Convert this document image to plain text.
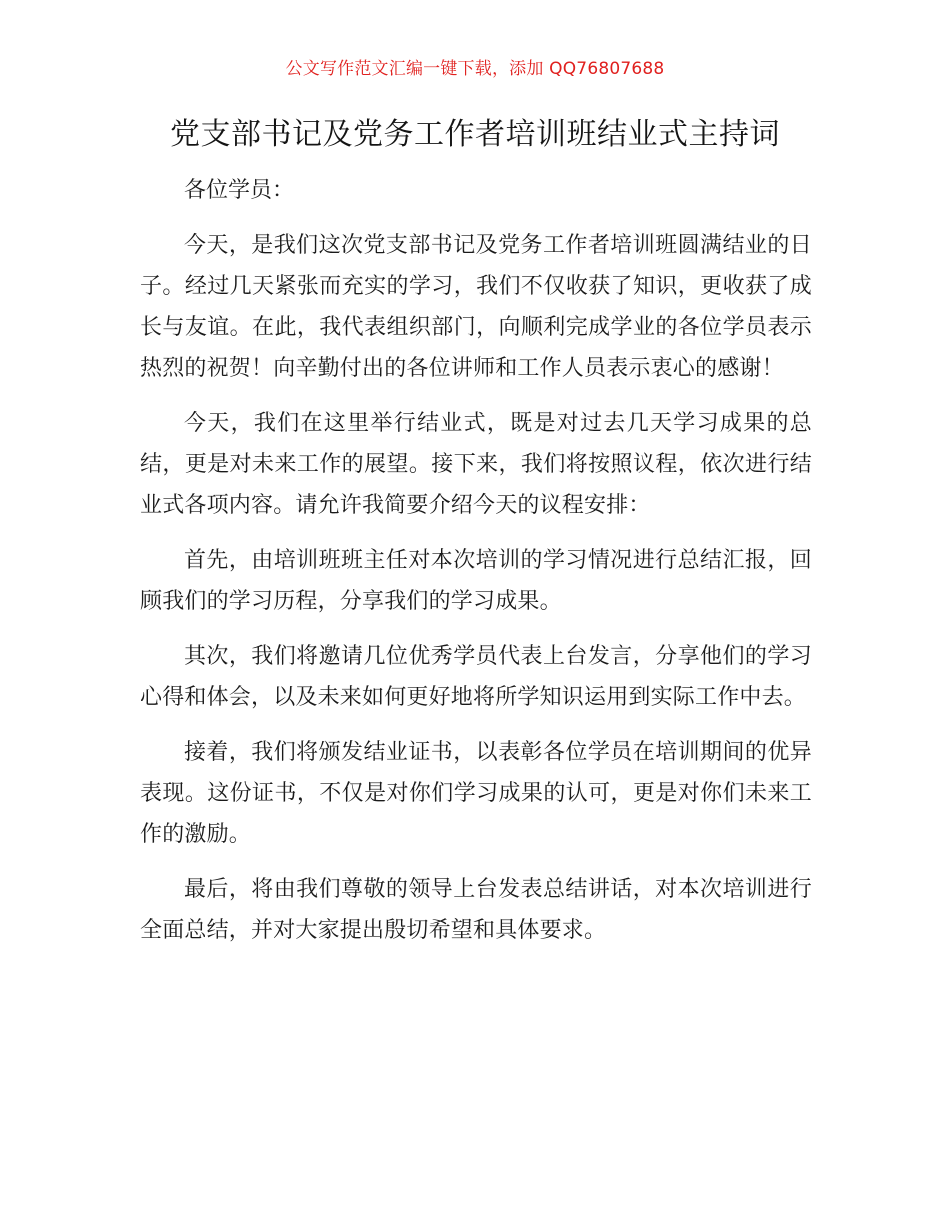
公文写作范文汇编一键下载，添加 QQ76807688
党支部书记及党务工作者培训班结业式主持词

各位学员：

今天，是我们这次党支部书记及党务工作者培训班圆满结业的日子。经过几天紧张而充实的学习，我们不仅收获了知识，更收获了成长与友谊。在此，我代表组织部门，向顺利完成学业的各位学员表示热烈的祝贺！向辛勤付出的各位讲师和工作人员表示衷心的感谢！

今天，我们在这里举行结业式，既是对过去几天学习成果的总结，更是对未来工作的展望。接下来，我们将按照议程，依次进行结业式各项内容。请允许我简要介绍今天的议程安排：

首先，由培训班班主任对本次培训的学习情况进行总结汇报，回顾我们的学习历程，分享我们的学习成果。

其次，我们将邀请几位优秀学员代表上台发言，分享他们的学习心得和体会，以及未来如何更好地将所学知识运用到实际工作中去。

接着，我们将颁发结业证书，以表彰各位学员在培训期间的优异表现。这份证书，不仅是对你们学习成果的认可，更是对你们未来工作的激励。

最后，将由我们尊敬的领导上台发表总结讲话，对本次培训进行全面总结，并对大家提出殷切希望和具体要求。
